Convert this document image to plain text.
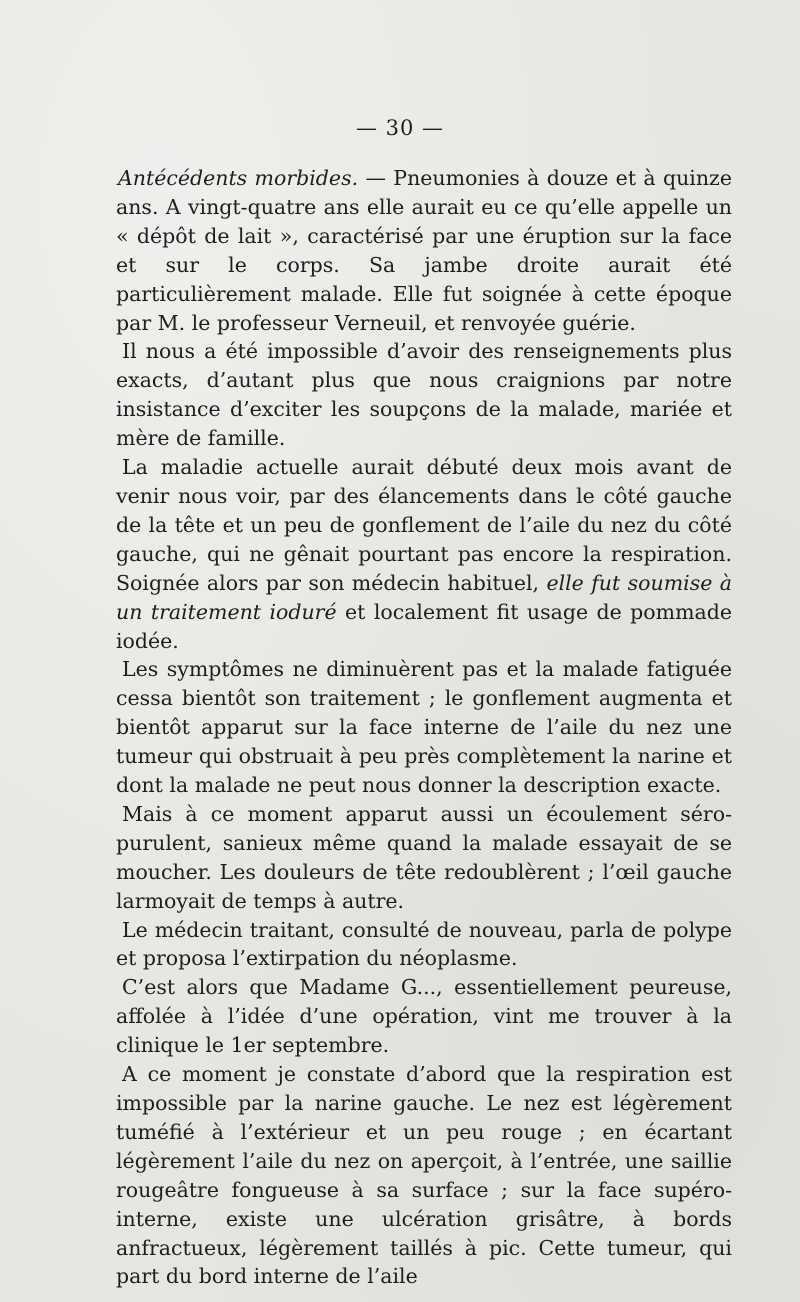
— 30 —

Antécédents morbides. — Pneumonies à douze et à quinze ans. A vingt-quatre ans elle aurait eu ce qu’elle appelle un « dépôt de lait », caractérisé par une éruption sur la face et sur le corps. Sa jambe droite aurait été particulièrement malade. Elle fut soignée à cette époque par M. le professeur Verneuil, et renvoyée guérie.

Il nous a été impossible d’avoir des renseignements plus exacts, d’autant plus que nous craignions par notre insistance d’exciter les soupçons de la malade, mariée et mère de famille.

La maladie actuelle aurait débuté deux mois avant de venir nous voir, par des élancements dans le côté gauche de la tête et un peu de gonflement de l’aile du nez du côté gauche, qui ne gênait pourtant pas encore la respiration. Soignée alors par son médecin habituel, elle fut soumise à un traitement ioduré et localement fit usage de pommade iodée.

Les symptômes ne diminuèrent pas et la malade fatiguée cessa bientôt son traitement ; le gonflement augmenta et bientôt apparut sur la face interne de l’aile du nez une tumeur qui obstruait à peu près complètement la narine et dont la malade ne peut nous donner la description exacte.

Mais à ce moment apparut aussi un écoulement séro-purulent, sanieux même quand la malade essayait de se moucher. Les douleurs de tête redoublèrent ; l’œil gauche larmoyait de temps à autre.

Le médecin traitant, consulté de nouveau, parla de polype et proposa l’extirpation du néoplasme.

C’est alors que Madame G..., essentiellement peureuse, affolée à l’idée d’une opération, vint me trouver à la clinique le 1er septembre.

A ce moment je constate d’abord que la respiration est impossible par la narine gauche. Le nez est légèrement tuméfié à l’extérieur et un peu rouge ; en écartant légèrement l’aile du nez on aperçoit, à l’entrée, une saillie rougeâtre fongueuse à sa surface ; sur la face supéro-interne, existe une ulcération grisâtre, à bords anfractueux, légèrement taillés à pic. Cette tumeur, qui part du bord interne de l’aile
